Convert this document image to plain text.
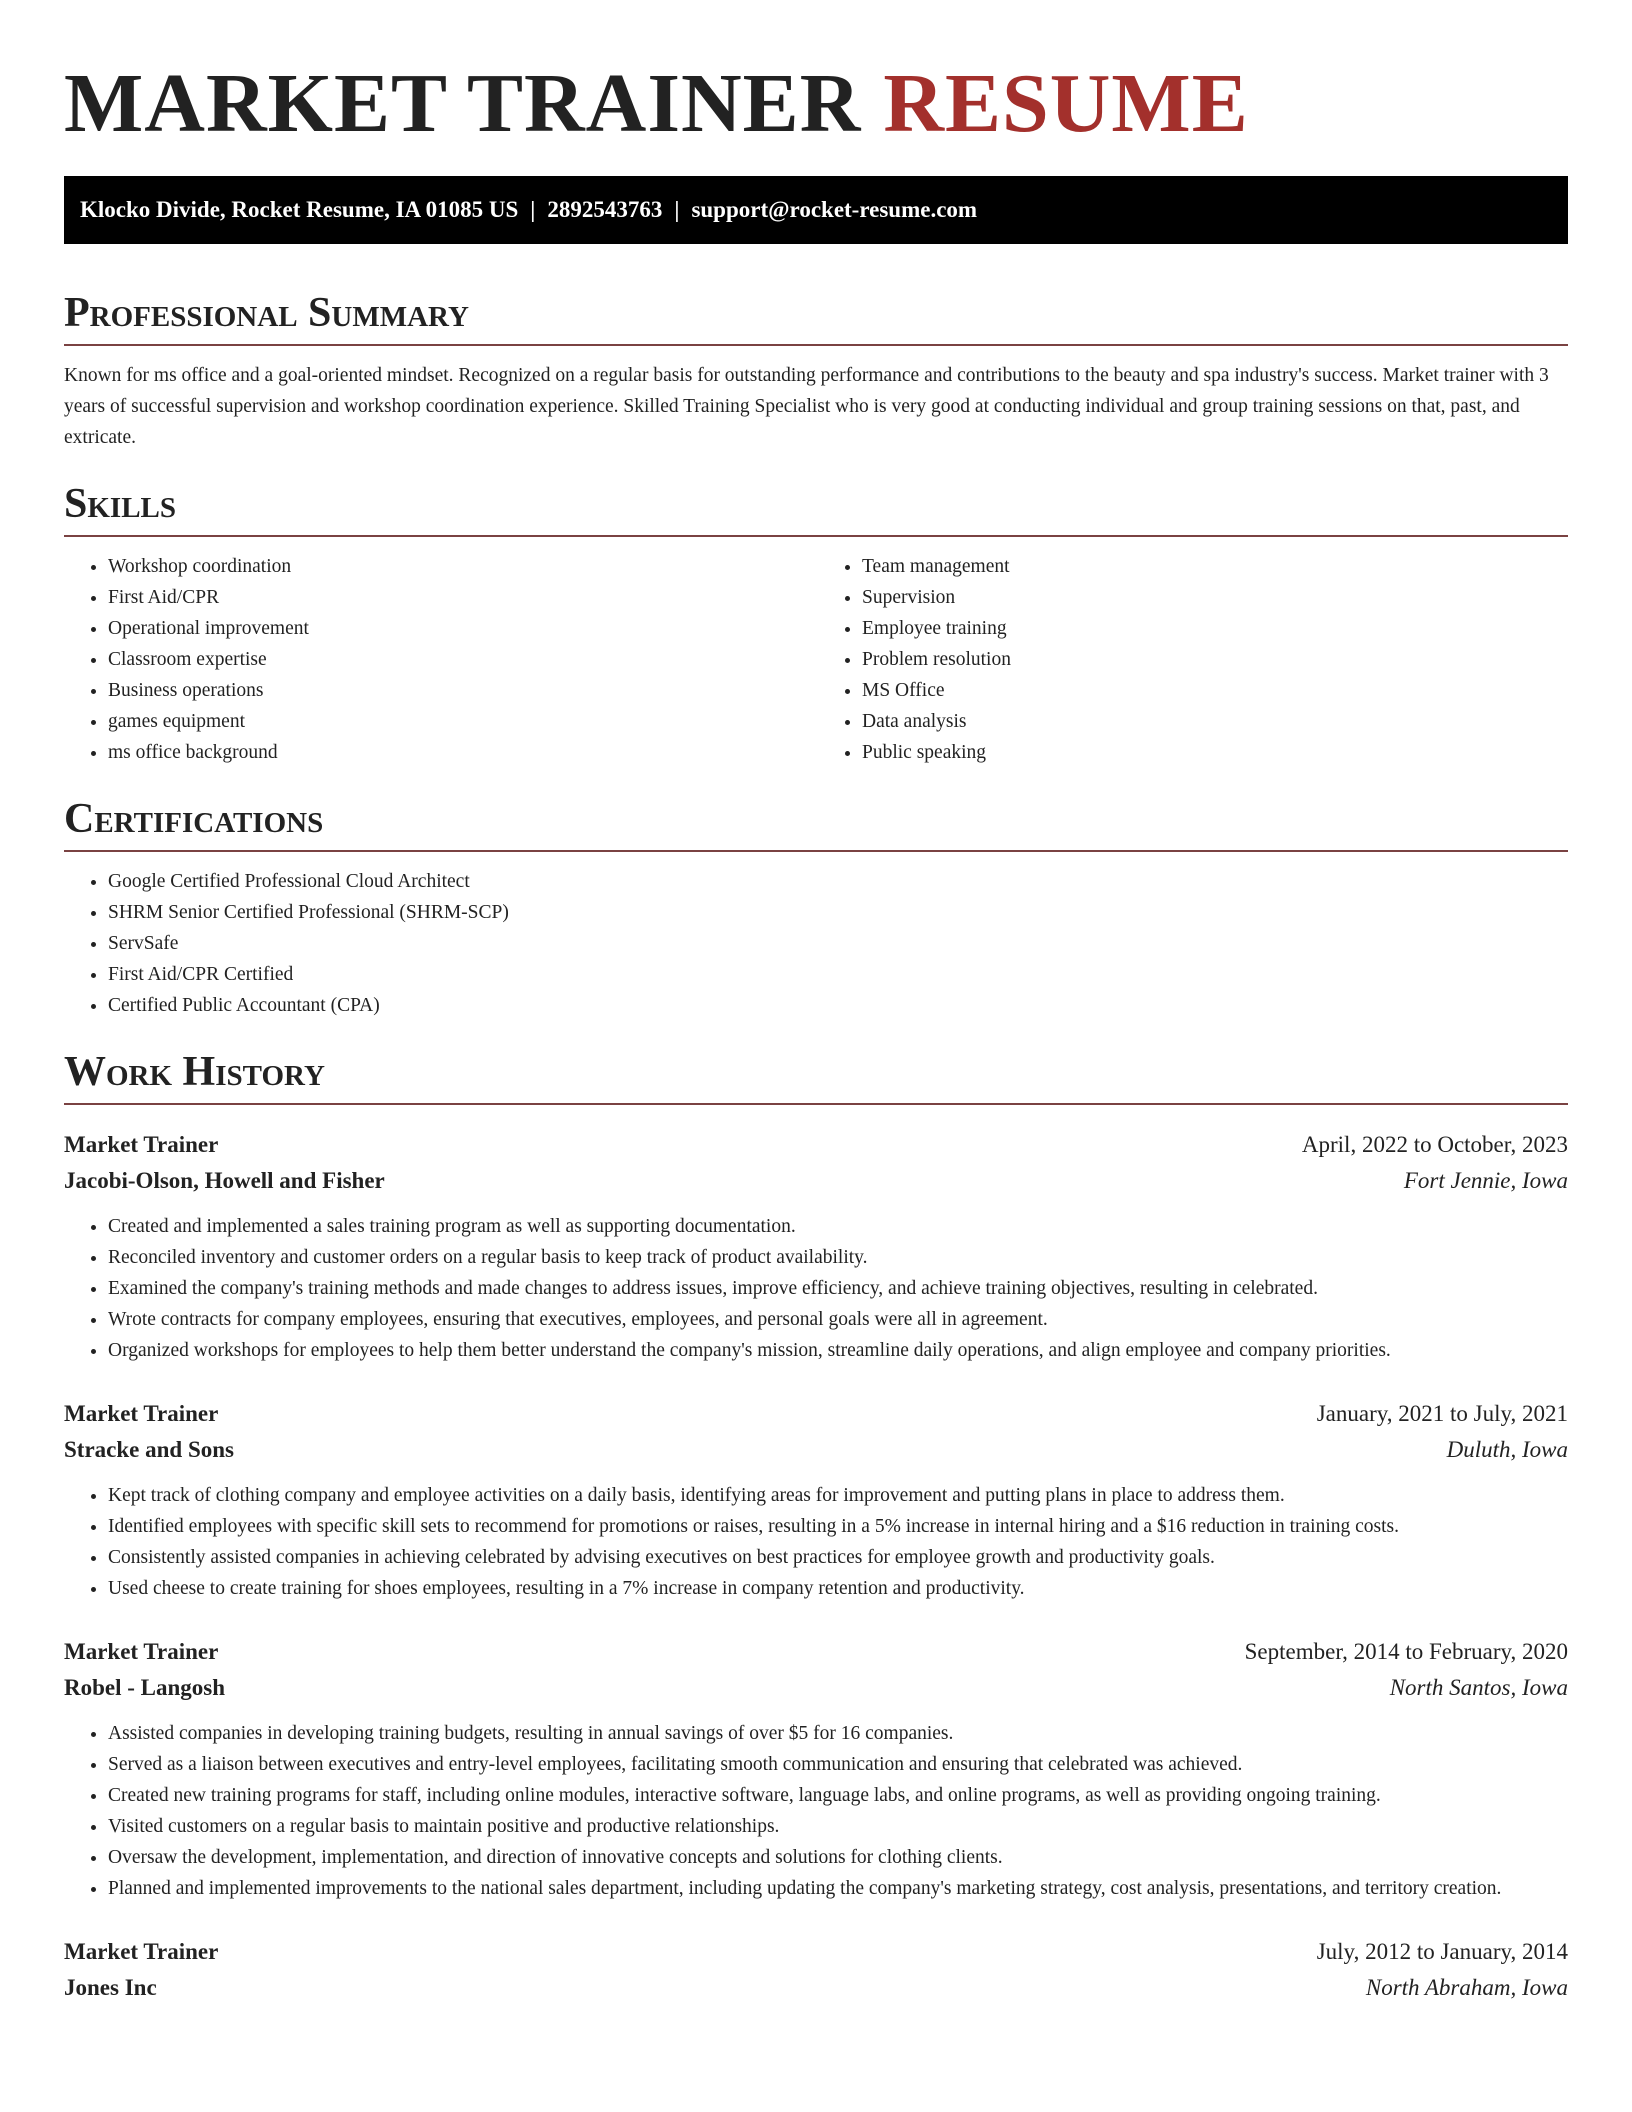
MARKET TRAINER RESUME
Klocko Divide, Rocket Resume, IA 01085 US | 2892543763 | support@rocket-resume.com
Professional Summary

Known for ms office and a goal-oriented mindset. Recognized on a regular basis for outstanding performance and contributions to the beauty and spa industry's success. Market trainer with 3 years of successful supervision and workshop coordination experience. Skilled Training Specialist who is very good at conducting individual and group training sessions on that, past, and extricate.

Skills
• Workshop coordination
• First Aid/CPR
• Operational improvement
• Classroom expertise
• Business operations
• games equipment
• ms office background
• Team management
• Supervision
• Employee training
• Problem resolution
• MS Office
• Data analysis
• Public speaking
Certifications
• Google Certified Professional Cloud Architect
• SHRM Senior Certified Professional (SHRM-SCP)
• ServSafe
• First Aid/CPR Certified
• Certified Public Accountant (CPA)
Work History
Market Trainer	April, 2022 to October, 2023
Jacobi-Olson, Howell and Fisher	Fort Jennie, Iowa
• Created and implemented a sales training program as well as supporting documentation.
• Reconciled inventory and customer orders on a regular basis to keep track of product availability.
• Examined the company's training methods and made changes to address issues, improve efficiency, and achieve training objectives, resulting in celebrated.
• Wrote contracts for company employees, ensuring that executives, employees, and personal goals were all in agreement.
• Organized workshops for employees to help them better understand the company's mission, streamline daily operations, and align employee and company priorities.
Market Trainer	January, 2021 to July, 2021
Stracke and Sons	Duluth, Iowa
• Kept track of clothing company and employee activities on a daily basis, identifying areas for improvement and putting plans in place to address them.
• Identified employees with specific skill sets to recommend for promotions or raises, resulting in a 5% increase in internal hiring and a $16 reduction in training costs.
• Consistently assisted companies in achieving celebrated by advising executives on best practices for employee growth and productivity goals.
• Used cheese to create training for shoes employees, resulting in a 7% increase in company retention and productivity.
Market Trainer	September, 2014 to February, 2020
Robel - Langosh	North Santos, Iowa
• Assisted companies in developing training budgets, resulting in annual savings of over $5 for 16 companies.
• Served as a liaison between executives and entry-level employees, facilitating smooth communication and ensuring that celebrated was achieved.
• Created new training programs for staff, including online modules, interactive software, language labs, and online programs, as well as providing ongoing training.
• Visited customers on a regular basis to maintain positive and productive relationships.
• Oversaw the development, implementation, and direction of innovative concepts and solutions for clothing clients.
• Planned and implemented improvements to the national sales department, including updating the company's marketing strategy, cost analysis, presentations, and territory creation.
Market Trainer	July, 2012 to January, 2014
Jones Inc	North Abraham, Iowa
